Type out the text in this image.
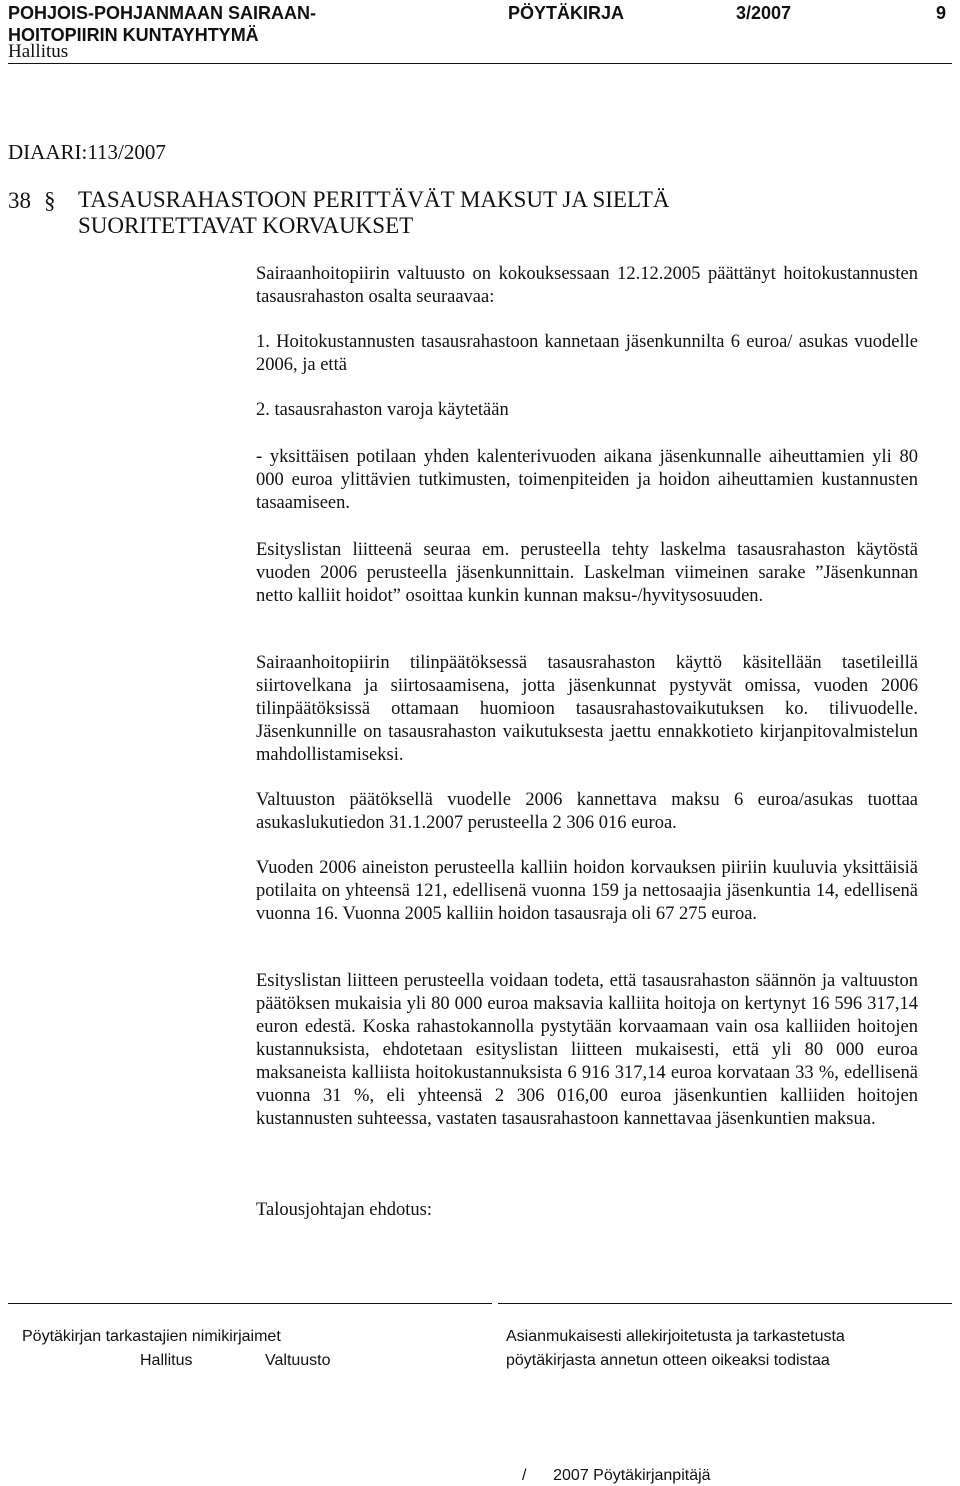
POHJOIS-POHJANMAAN SAIRAAN-
HOITOPIIRIN KUNTAYHTYMÄ
PÖYTÄKIRJA	3/2007	9
Hallitus
DIAARI:113/2007
38 § TASAUSRAHASTOON PERITTÄVÄT MAKSUT JA SIELTÄ
SUORITETTAVAT KORVAUKSET

Sairaanhoitopiirin valtuusto on kokouksessaan 12.12.2005 päättänyt hoitokustannusten tasausrahaston osalta seuraavaa:

1. Hoitokustannusten tasausrahastoon kannetaan jäsenkunnilta 6 euroa/ asukas vuodelle 2006, ja että

2. tasausrahaston varoja käytetään

- yksittäisen potilaan yhden kalenterivuoden aikana jäsenkunnalle aiheuttamien yli 80 000 euroa ylittävien tutkimusten, toimenpiteiden ja hoidon aiheuttamien kustannusten tasaamiseen.

Esityslistan liitteenä seuraa em. perusteella tehty laskelma tasausrahaston käytöstä vuoden 2006 perusteella jäsenkunnittain. Laskelman viimeinen sarake ”Jäsenkunnan netto kalliit hoidot” osoittaa kunkin kunnan maksu-/hyvitysosuuden.

Sairaanhoitopiirin tilinpäätöksessä tasausrahaston käyttö käsitellään tasetileillä siirtovelkana ja siirtosaamisena, jotta jäsenkunnat pystyvät omissa, vuoden 2006 tilinpäätöksissä ottamaan huomioon tasausrahastovaikutuksen ko. tilivuodelle. Jäsenkunnille on tasausrahaston vaikutuksesta jaettu ennakkotieto kirjanpitovalmistelun mahdollistamiseksi.

Valtuuston päätöksellä vuodelle 2006 kannettava maksu 6 euroa/asukas tuottaa asukaslukutiedon 31.1.2007 perusteella 2 306 016 euroa.

Vuoden 2006 aineiston perusteella kalliin hoidon korvauksen piiriin kuuluvia yksittäisiä potilaita on yhteensä 121, edellisenä vuonna 159 ja nettosaajia jäsenkuntia 14, edellisenä vuonna 16. Vuonna 2005 kalliin hoidon tasausraja oli 67 275 euroa.

Esityslistan liitteen perusteella voidaan todeta, että tasausrahaston säännön ja valtuuston päätöksen mukaisia yli 80 000 euroa maksavia kalliita hoitoja on kertynyt 16 596 317,14 euron edestä. Koska rahastokannolla pystytään korvaamaan vain osa kalliiden hoitojen kustannuksista, ehdotetaan esityslistan liitteen mukaisesti, että yli 80 000 euroa maksaneista kalliista hoitokustannuksista 6 916 317,14 euroa korvataan 33 %, edellisenä vuonna 31 %, eli yhteensä 2 306 016,00 euroa jäsenkuntien kalliiden hoitojen kustannusten suhteessa, vastaten tasausrahastoon kannettavaa jäsenkuntien maksua.

Talousjohtajan ehdotus:

Pöytäkirjan tarkastajien nimikirjaimet
Hallitus	Valtuusto
Asianmukaisesti allekirjoitetusta ja tarkastetusta
pöytäkirjasta annetun otteen oikeaksi todistaa
/      2007 Pöytäkirjanpitäjä
